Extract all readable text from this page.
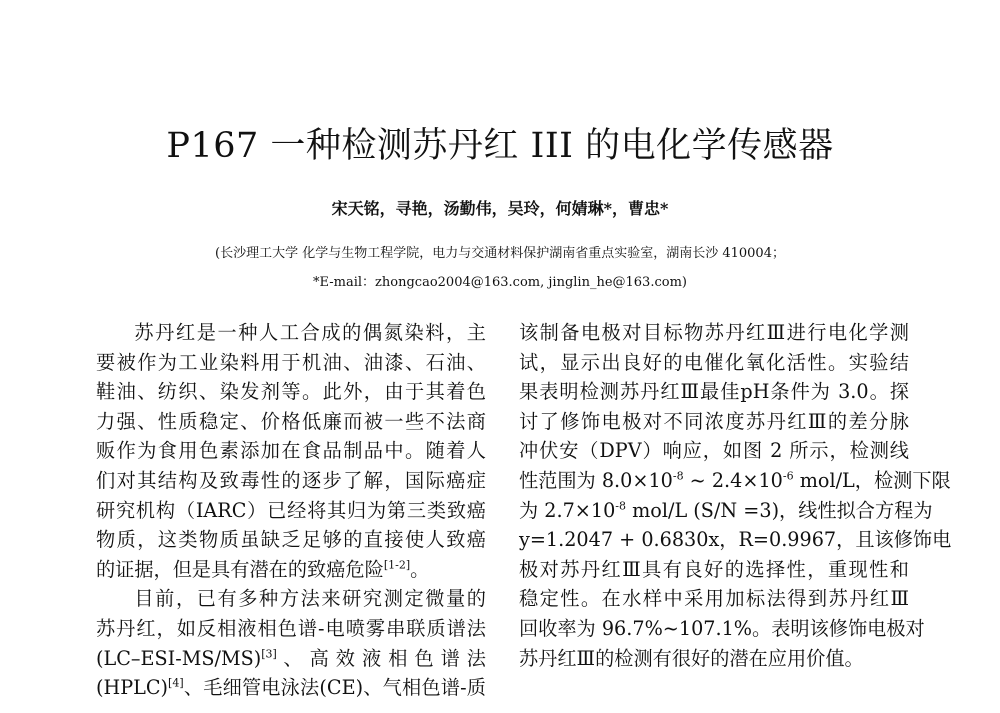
P167 一种检测苏丹红 III 的电化学传感器
宋天铭，寻艳，汤勤伟，吴玲，何婧琳*，曹忠*
(长沙理工大学 化学与生物工程学院，电力与交通材料保护湖南省重点实验室，湖南长沙 410004；
*E-mail：zhongcao2004@163.com, jinglin_he@163.com)

苏丹红是一种人工合成的偶氮染料，主
要被作为工业染料用于机油、油漆、石油、
鞋油、纺织、染发剂等。此外，由于其着色
力强、性质稳定、价格低廉而被一些不法商
贩作为食用色素添加在食品制品中。随着人
们对其结构及致毒性的逐步了解，国际癌症
研究机构（IARC）已经将其归为第三类致癌
物质，这类物质虽缺乏足够的直接使人致癌
的证据，但是具有潜在的致癌危险[1-2]。

目前，已有多种方法来研究测定微量的
苏丹红，如反相液相色谱-电喷雾串联质谱法
(LC–ESI-MS/MS)[3] 、 高 效 液 相 色 谱 法
(HPLC)[4]、毛细管电泳法(CE)、气相色谱-质

该制备电极对目标物苏丹红Ⅲ进行电化学测
试，显示出良好的电催化氧化活性。实验结
果表明检测苏丹红Ⅲ最佳pH条件为 3.0。探
讨了修饰电极对不同浓度苏丹红Ⅲ的差分脉
冲伏安（DPV）响应，如图 2 所示，检测线
性范围为 $8.0\times 10^{-8}$ ~ $2.4\times 10^{-6}$ mol/L，检测下限
为 $2.7\times 10^{-8}$ mol/L (S/N =3)，线性拟合方程为
y=1.2047 + 0.6830x，R=0.9967，且该修饰电
极对苏丹红Ⅲ具有良好的选择性，重现性和
稳定性。在水样中采用加标法得到苏丹红Ⅲ
回收率为 96.7%~107.1%。表明该修饰电极对
苏丹红Ⅲ的检测有很好的潜在应用价值。
